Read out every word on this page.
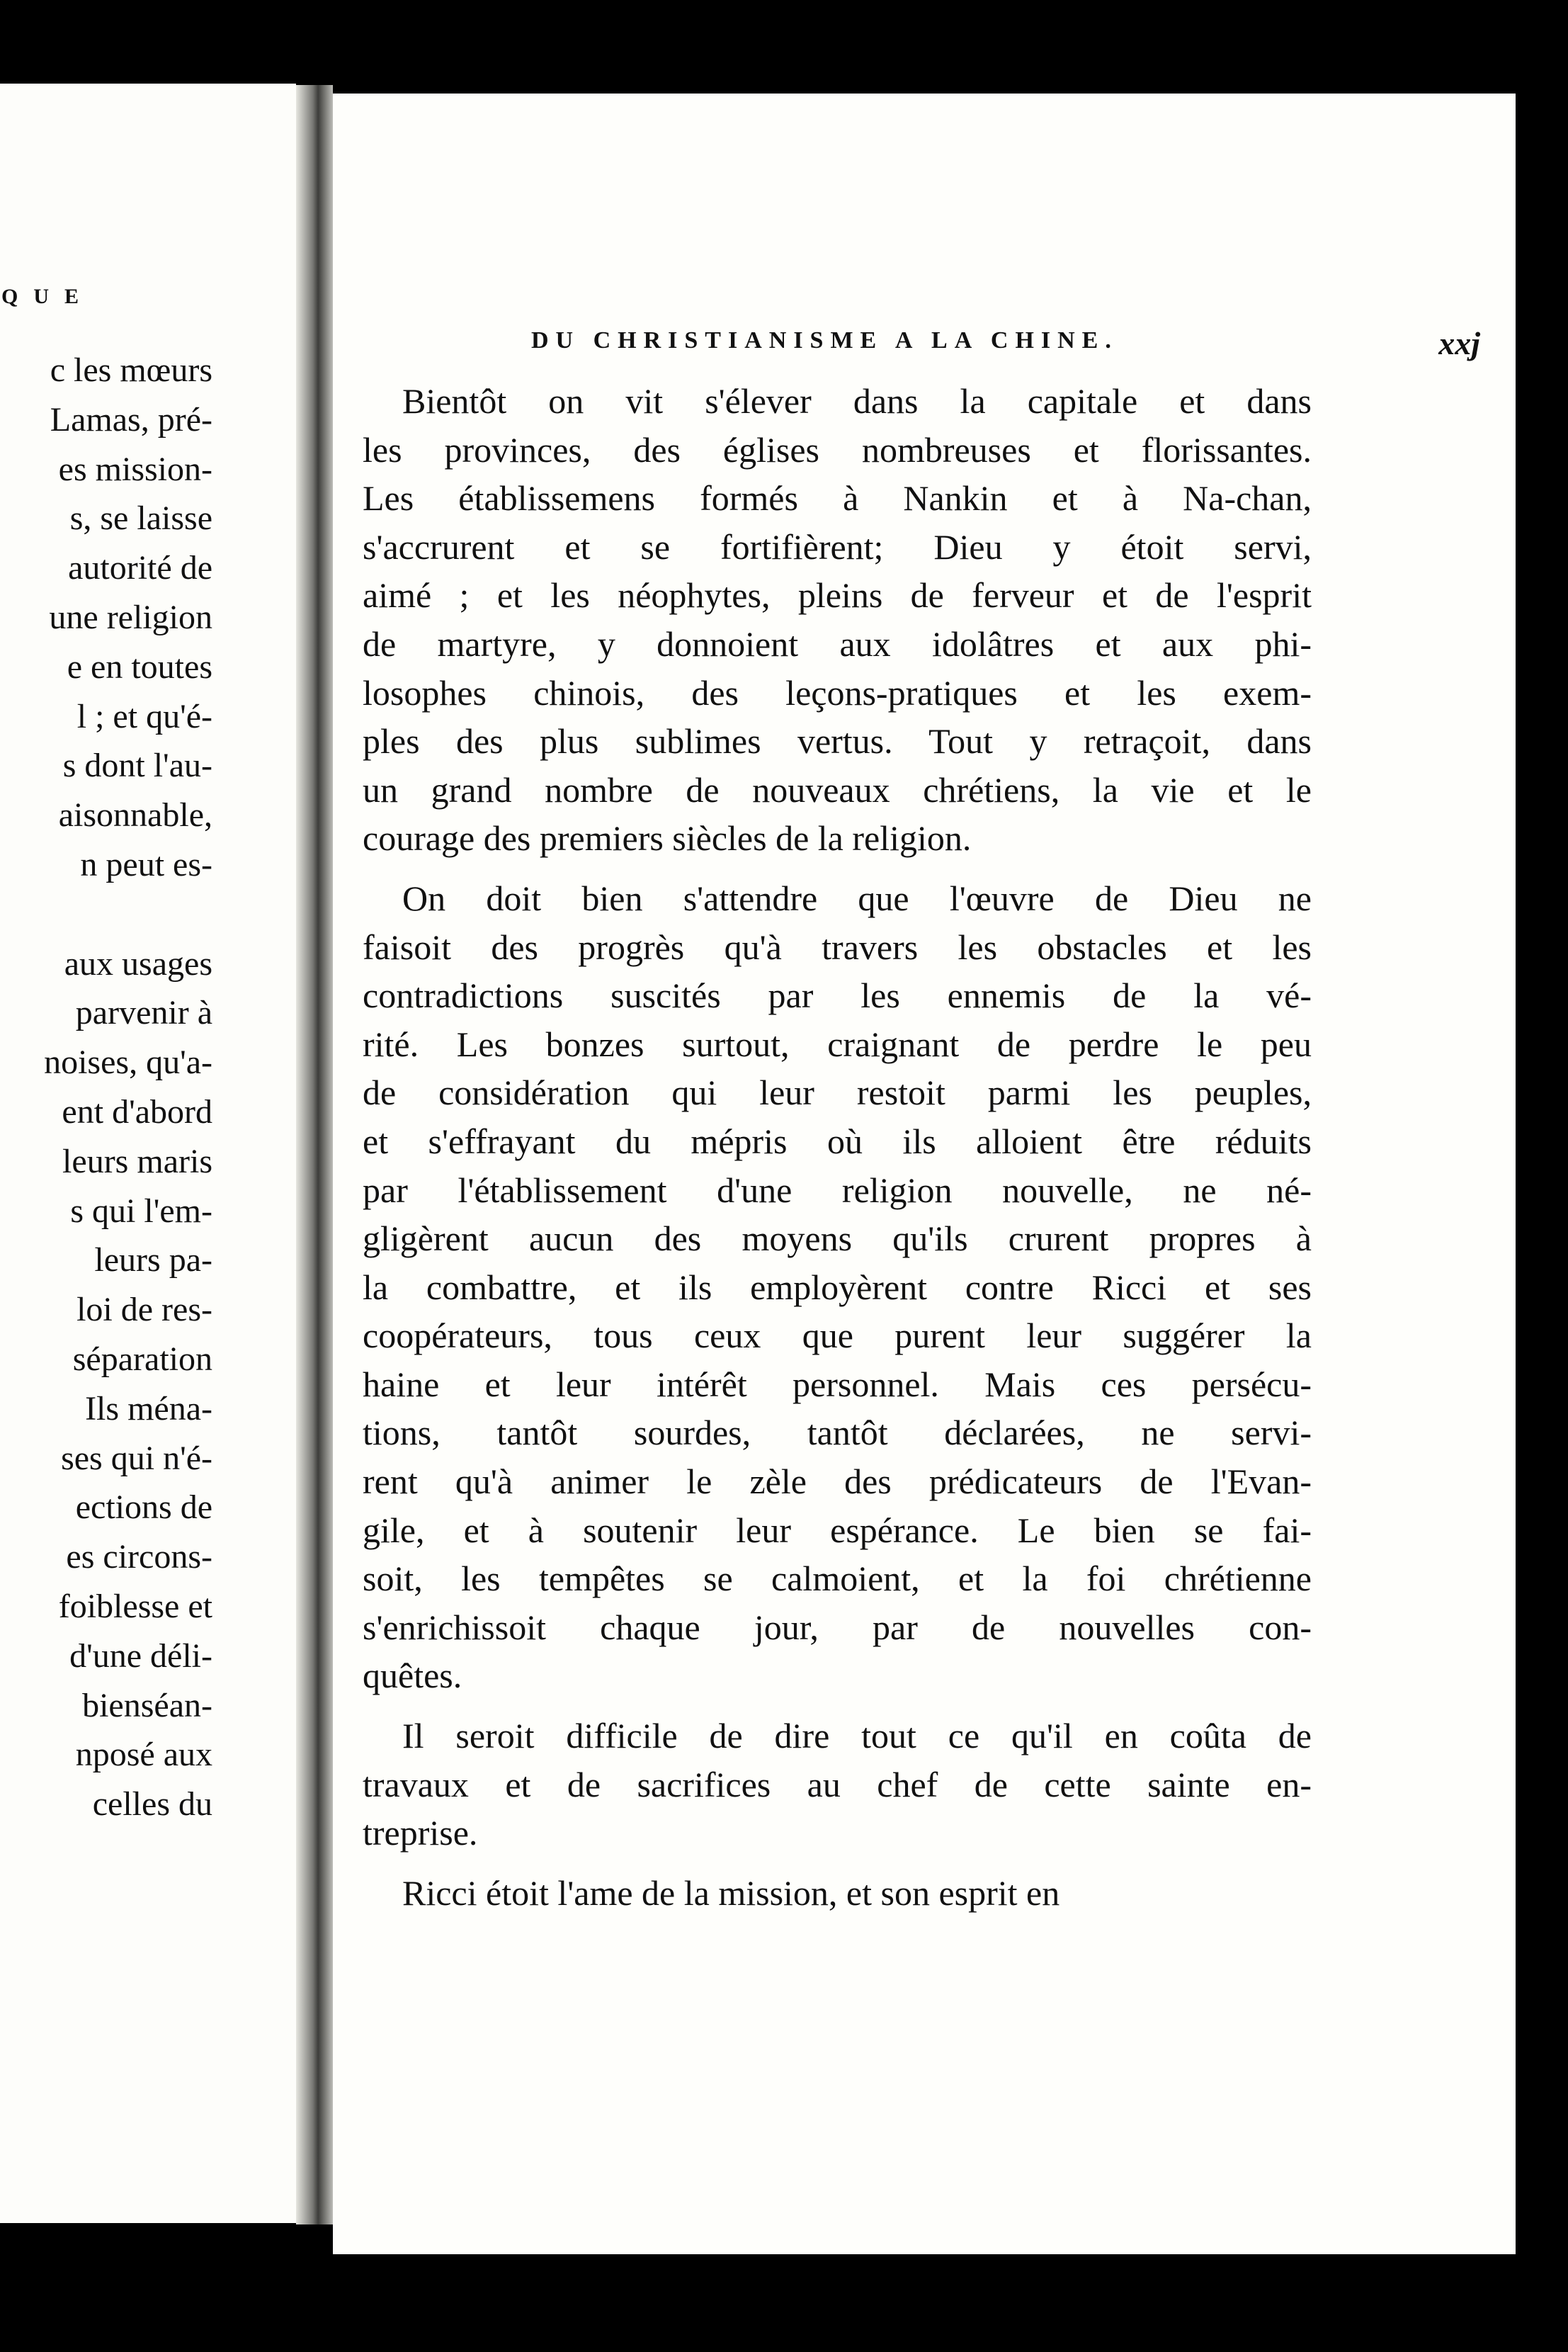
QUE
c les mœurs
Lamas, pré-
es mission-
s, se laisse
autorité de
une religion
e en toutes
l ; et qu'é-
s dont l'au-
aisonnable,
n peut es-
aux usages
parvenir à
noises, qu'a-
ent d'abord
leurs maris
s qui l'em-
leurs pa-
loi de res-
séparation
Ils ména-
ses qui n'é-
ections de
es circons-
foiblesse et
d'une déli-
bienséan-
nposé aux
celles du
DU CHRISTIANISME A LA CHINE.	xxj
Bientôt on vit s'élever dans la capitale et dans
les provinces, des églises nombreuses et florissantes.
Les établissemens formés à Nankin et à Na-chan,
s'accrurent et se fortifièrent; Dieu y étoit servi,
aimé ; et les néophytes, pleins de ferveur et de l'esprit
de martyre, y donnoient aux idolâtres et aux phi-
losophes chinois, des leçons-pratiques et les exem-
ples des plus sublimes vertus. Tout y retraçoit, dans
un grand nombre de nouveaux chrétiens, la vie et le
courage des premiers siècles de la religion.
On doit bien s'attendre que l'œuvre de Dieu ne
faisoit des progrès qu'à travers les obstacles et les
contradictions suscités par les ennemis de la vé-
rité. Les bonzes surtout, craignant de perdre le peu
de considération qui leur restoit parmi les peuples,
et s'effrayant du mépris où ils alloient être réduits
par l'établissement d'une religion nouvelle, ne né-
gligèrent aucun des moyens qu'ils crurent propres à
la combattre, et ils employèrent contre Ricci et ses
coopérateurs, tous ceux que purent leur suggérer la
haine et leur intérêt personnel. Mais ces persécu-
tions, tantôt sourdes, tantôt déclarées, ne servi-
rent qu'à animer le zèle des prédicateurs de l'Evan-
gile, et à soutenir leur espérance. Le bien se fai-
soit, les tempêtes se calmoient, et la foi chrétienne
s'enrichissoit chaque jour, par de nouvelles con-
quêtes.
Il seroit difficile de dire tout ce qu'il en coûta de
travaux et de sacrifices au chef de cette sainte en-
treprise.
Ricci étoit l'ame de la mission, et son esprit en
